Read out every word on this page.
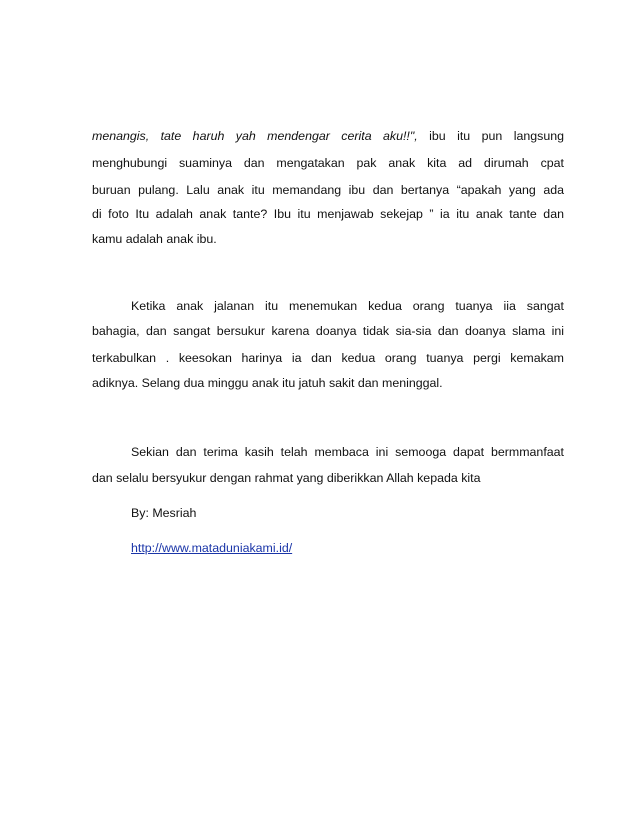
menangis, tate haruh yah mendengar cerita aku!!", ibu itu pun langsung
menghubungi suaminya dan mengatakan pak anak kita ad dirumah cpat
buruan pulang. Lalu anak itu memandang ibu dan bertanya “apakah yang ada
di foto Itu adalah anak tante? Ibu itu menjawab sekejap ” ia itu anak tante dan
kamu adalah anak ibu.
Ketika anak jalanan itu menemukan kedua orang tuanya iia sangat
bahagia, dan sangat bersukur karena doanya tidak sia-sia dan doanya slama ini
terkabulkan . keesokan harinya ia dan kedua orang tuanya pergi kemakam
adiknya. Selang dua minggu anak itu jatuh sakit dan meninggal.
Sekian dan terima kasih telah membaca ini semooga dapat bermmanfaat
dan selalu bersyukur dengan rahmat yang diberikkan Allah kepada kita
By: Mesriah
http://www.mataduniakami.id/
